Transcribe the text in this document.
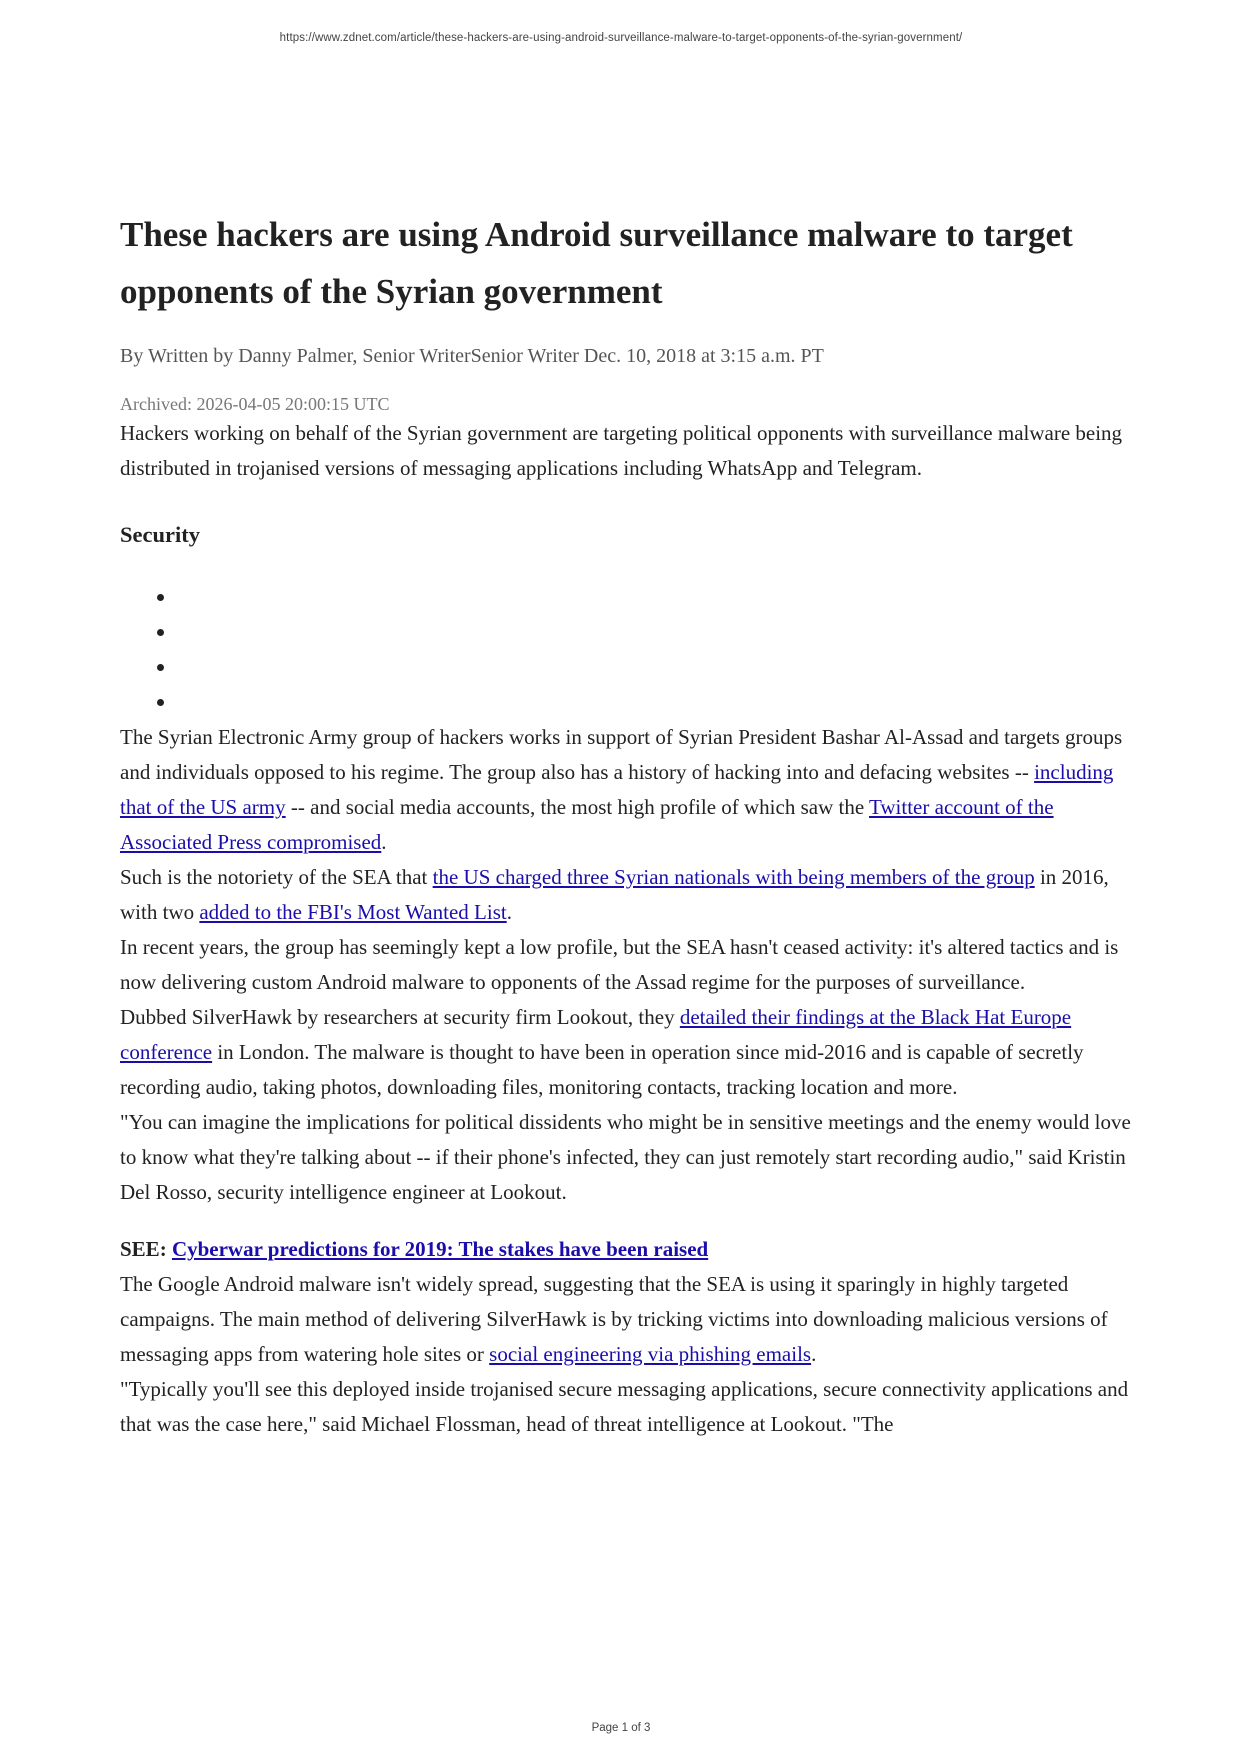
https://www.zdnet.com/article/these-hackers-are-using-android-surveillance-malware-to-target-opponents-of-the-syrian-government/
These hackers are using Android surveillance malware to target opponents of the Syrian government
By Written by Danny Palmer, Senior WriterSenior Writer Dec. 10, 2018 at 3:15 a.m. PT
Archived: 2026-04-05 20:00:15 UTC

Hackers working on behalf of the Syrian government are targeting political opponents with surveillance malware being distributed in trojanised versions of messaging applications including WhatsApp and Telegram.

Security

The Syrian Electronic Army group of hackers works in support of Syrian President Bashar Al-Assad and targets groups and individuals opposed to his regime. The group also has a history of hacking into and defacing websites -- including that of the US army -- and social media accounts, the most high profile of which saw the Twitter account of the Associated Press compromised.

Such is the notoriety of the SEA that the US charged three Syrian nationals with being members of the group in 2016, with two added to the FBI's Most Wanted List.

In recent years, the group has seemingly kept a low profile, but the SEA hasn't ceased activity: it's altered tactics and is now delivering custom Android malware to opponents of the Assad regime for the purposes of surveillance.

Dubbed SilverHawk by researchers at security firm Lookout, they detailed their findings at the Black Hat Europe conference in London. The malware is thought to have been in operation since mid-2016 and is capable of secretly recording audio, taking photos, downloading files, monitoring contacts, tracking location and more.

"You can imagine the implications for political dissidents who might be in sensitive meetings and the enemy would love to know what they're talking about -- if their phone's infected, they can just remotely start recording audio," said Kristin Del Rosso, security intelligence engineer at Lookout.

SEE: Cyberwar predictions for 2019: The stakes have been raised

The Google Android malware isn't widely spread, suggesting that the SEA is using it sparingly in highly targeted campaigns. The main method of delivering SilverHawk is by tricking victims into downloading malicious versions of messaging apps from watering hole sites or social engineering via phishing emails.

"Typically you'll see this deployed inside trojanised secure messaging applications, secure connectivity applications and that was the case here," said Michael Flossman, head of threat intelligence at Lookout. "The

Page 1 of 3
